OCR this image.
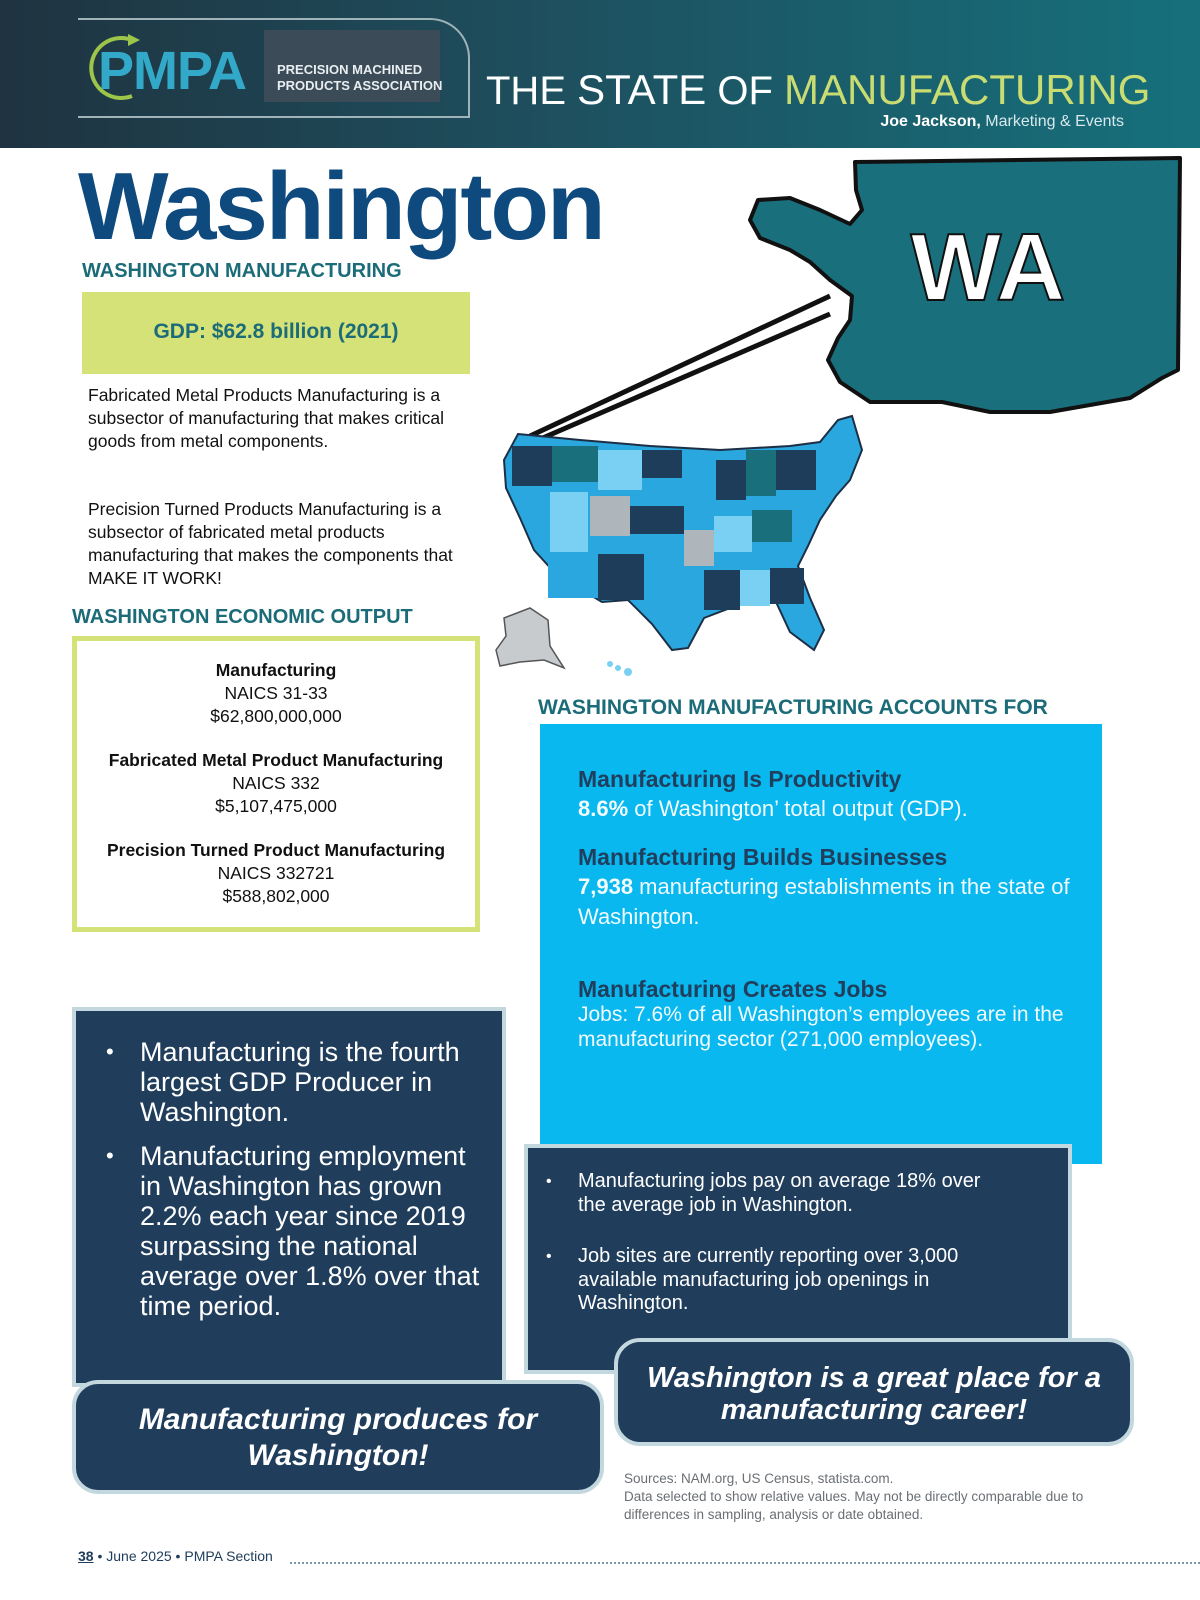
PMPA PRECISION MACHINED
PRODUCTS ASSOCIATION THE STATE OF MANUFACTURING
Joe Jackson, Marketing & Events
Washington
WASHINGTON MANUFACTURING
GDP: $62.8 billion (2021)
Fabricated Metal Products Manufacturing is a subsector of manufacturing that makes critical goods from metal components.
Precision Turned Products Manufacturing is a subsector of fabricated metal products manufacturing that makes the components that MAKE IT WORK!
WASHINGTON ECONOMIC OUTPUT
Manufacturing
NAICS 31-33
$62,800,000,000
Fabricated Metal Product Manufacturing
NAICS 332
$5,107,475,000
Precision Turned Product Manufacturing
NAICS 332721
$588,802,000
WA
WASHINGTON MANUFACTURING ACCOUNTS FOR
Manufacturing Is Productivity
8.6% of Washington’ total output (GDP).
Manufacturing Builds Businesses
7,938 manufacturing establishments in the state of Washington.
Manufacturing Creates Jobs
Jobs: 7.6% of all Washington’s employees are in the manufacturing sector (271,000 employees).
• Manufacturing is the fourth largest GDP Producer in Washington.
• Manufacturing employment in Washington has grown 2.2% each year since 2019 surpassing the national average over 1.8% over that time period.
• Manufacturing jobs pay on average 18% over the average job in Washington.
• Job sites are currently reporting over 3,000 available manufacturing job openings in Washington.
Manufacturing produces for Washington!
Washington is a great place for a manufacturing career!
Sources: NAM.org, US Census, statista.com.
Data selected to show relative values. May not be directly comparable due to differences in sampling, analysis or date obtained.
38 • June 2025 • PMPA Section
